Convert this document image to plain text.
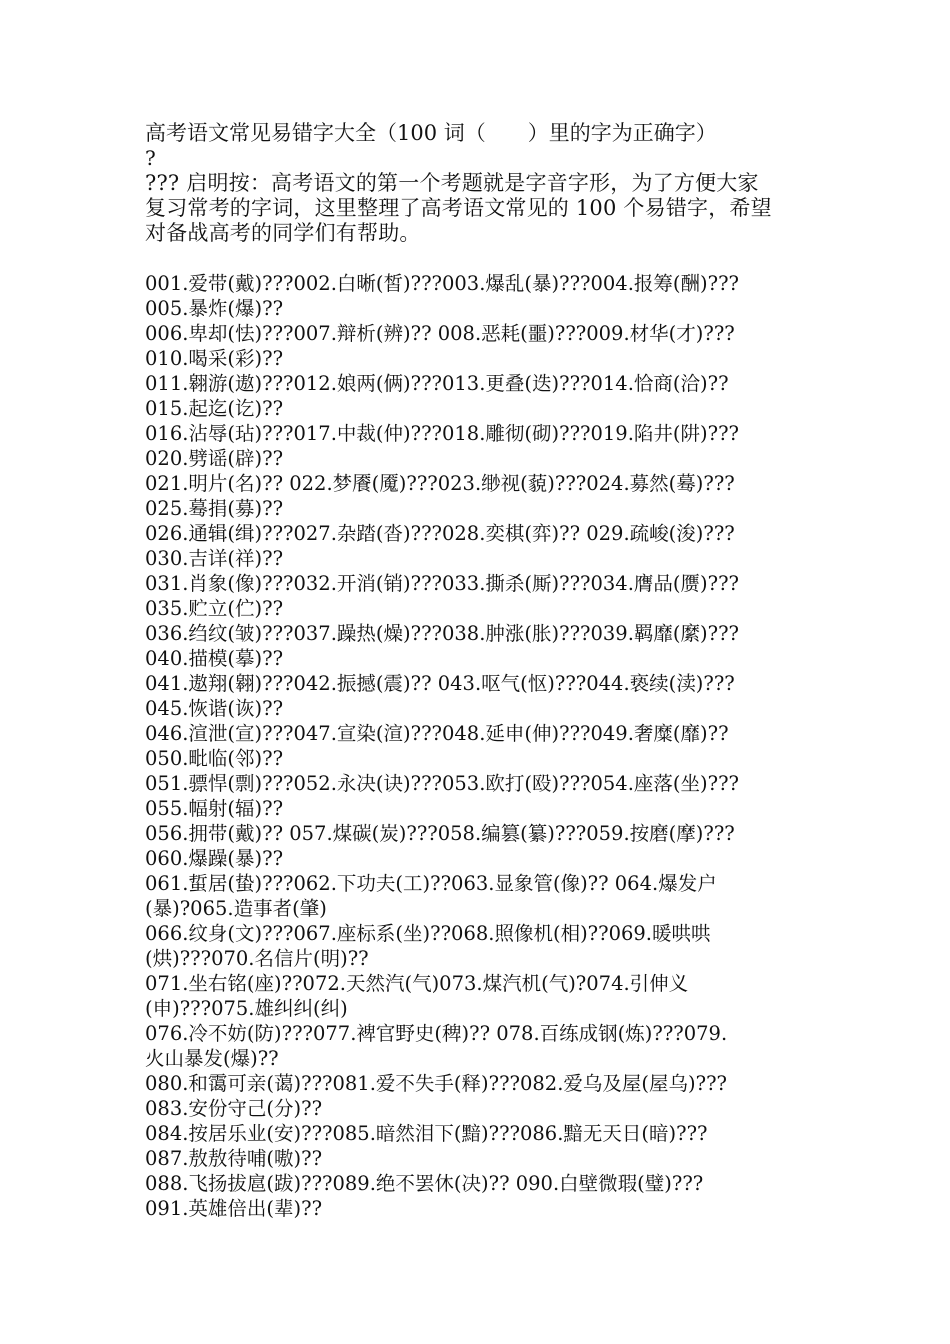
高考语文常见易错字大全（100 词（　　）里的字为正确字）
?
??? 启明按：高考语文的第一个考题就是字音字形，为了方便大家
复习常考的字词，这里整理了高考语文常见的 100 个易错字，希望
对备战高考的同学们有帮助。
001.爱带(戴)???002.白晰(皙)???003.爆乱(暴)???004.报筹(酬)???
005.暴炸(爆)??
006.卑却(怯)???007.辩析(辨)?? 008.恶耗(噩)???009.材华(才)???
010.喝采(彩)??
011.翱游(遨)???012.娘两(俩)???013.更叠(迭)???014.恰商(洽)??
015.起迄(讫)??
016.沾辱(玷)???017.中裁(仲)???018.雕彻(砌)???019.陷井(阱)???
020.劈谣(辟)??
021.明片(名)?? 022.梦餍(魇)???023.缈视(藐)???024.募然(蓦)???
025.蓦捐(募)??
026.通辑(缉)???027.杂踏(沓)???028.奕棋(弈)?? 029.疏峻(浚)???
030.吉详(祥)??
031.肖象(像)???032.开消(销)???033.撕杀(厮)???034.膺品(赝)???
035.贮立(伫)??
036.绉纹(皱)???037.躁热(燥)???038.肿涨(胀)???039.羁靡(縻)???
040.描模(摹)??
041.遨翔(翱)???042.振撼(震)?? 043.呕气(怄)???044.亵续(渎)???
045.恢谐(诙)??
046.渲泄(宣)???047.宣染(渲)???048.延申(伸)???049.奢糜(靡)??
050.毗临(邻)??
051.骠悍(剽)???052.永决(诀)???053.欧打(殴)???054.座落(坐)???
055.幅射(辐)??
056.拥带(戴)?? 057.煤碳(炭)???058.编篡(纂)???059.按磨(摩)???
060.爆躁(暴)??
061.蜇居(蛰)???062.下功夫(工)??063.显象管(像)?? 064.爆发户
(暴)?065.造事者(肇)
066.纹身(文)???067.座标系(坐)??068.照像机(相)??069.暖哄哄
(烘)???070.名信片(明)??
071.坐右铭(座)??072.天然汽(气)073.煤汽机(气)?074.引伸义
(申)???075.雄纠纠(纠)
076.冷不妨(防)???077.裨官野史(稗)?? 078.百练成钢(炼)???079.
火山暴发(爆)??
080.和霭可亲(蔼)???081.爱不失手(释)???082.爱乌及屋(屋乌)???
083.安份守己(分)??
084.按居乐业(安)???085.暗然泪下(黯)???086.黯无天日(暗)???
087.敖敖待哺(嗷)??
088.飞扬拔扈(跋)???089.绝不罢休(决)?? 090.白壁微瑕(璧)???
091.英雄倍出(辈)??
